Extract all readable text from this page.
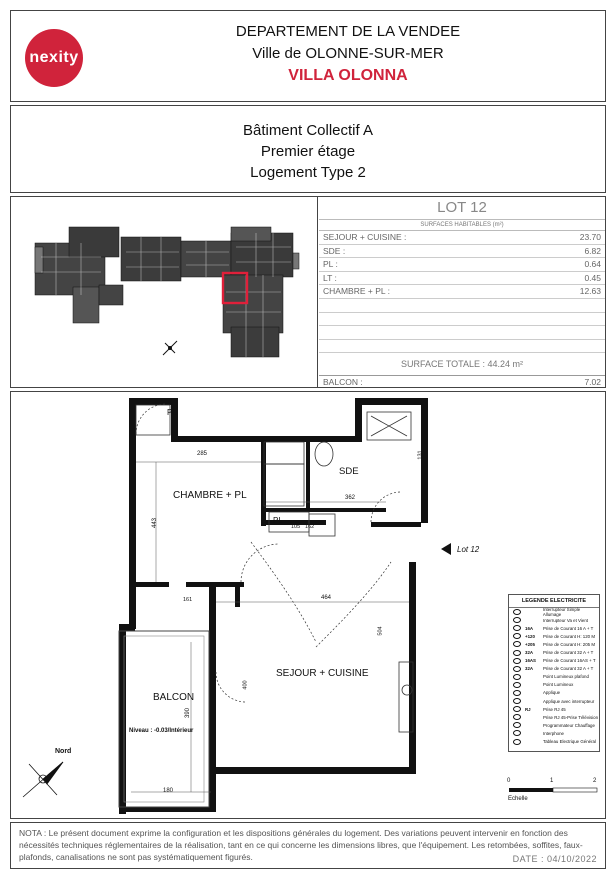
nexity
DEPARTEMENT DE LA VENDEE
Ville de OLONNE-SUR-MER
VILLA OLONNA
Bâtiment Collectif A
Premier étage
Logement Type 2
LOT 12
SURFACES HABITABLES (m²)
SEJOUR + CUISINE :	23.70
SDE :	6.82
PL :	0.64
LT :	0.45
CHAMBRE + PL :	12.63
SURFACE TOTALE : 44.24 m²
BALCON :	7.02
CHAMBRE + PL
SEJOUR + CUISINE
SDE
BALCON
Niveau : -0.03/Intérieur
PL
PL
Lot 12
285
443
362
464
390
180
105 162
504
400
131
161
Nord
0	1	2
Echelle
LEGENDE ELECTRICITE
Interrupteur Simple Allumage
Interrupteur Va et Vient
16A	Prise de Courant 16 A + T
+120	Prise de Courant H: 120 M
+205	Prise de Courant H: 205 M
32A	Prise de Courant 32 A + T
16AS	Prise de Courant 16AS + T
32A	Prise de Courant 32 A + T
Point Lumineux plafond
Point Lumineux
Applique
Applique avec interrupteur
RJ	Prise RJ 45
Prise RJ 45-Prise Télévision
Programmateur Chauffage
Interphone
Tableau Electrique Général
NOTA : Le présent document exprime la configuration et les dispositions générales du logement. Des variations peuvent intervenir en fonction des nécessités techniques réglementaires de la réalisation, tant en ce qui concerne les dimensions libres, que l'équipement. Les retombées, soffites, faux-plafonds, canalisations ne sont pas systématiquement figurés.	DATE : 04/10/2022
